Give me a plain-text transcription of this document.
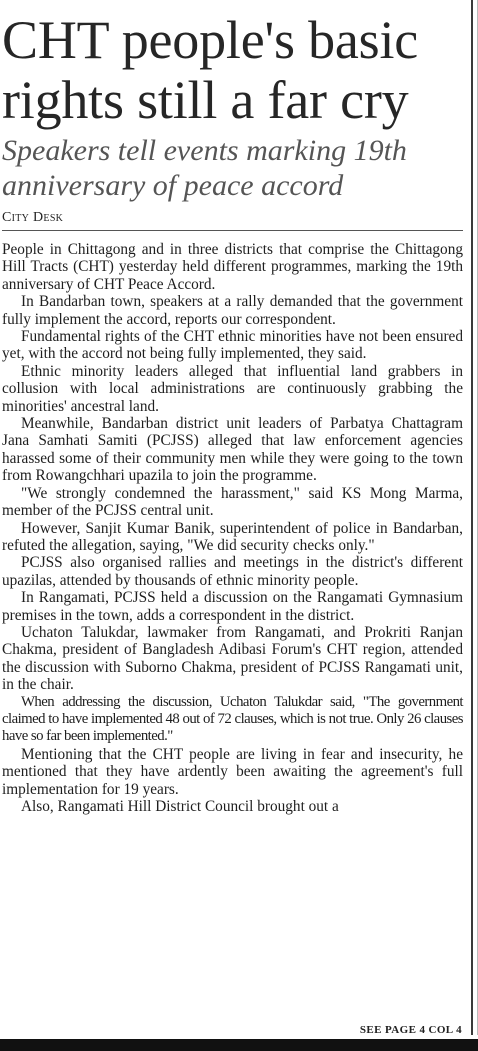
CHT people's basic rights still a far cry
Speakers tell events marking 19th anniversary of peace accord
City Desk

People in Chittagong and in three districts that comprise the Chittagong Hill Tracts (CHT) yesterday held different programmes, marking the 19th anniversary of CHT Peace Accord.

In Bandarban town, speakers at a rally demanded that the government fully implement the accord, reports our correspondent.

Fundamental rights of the CHT ethnic minorities have not been ensured yet, with the accord not being fully implemented, they said.

Ethnic minority leaders alleged that influential land grabbers in collusion with local administrations are continuously grabbing the minorities' ancestral land.

Meanwhile, Bandarban district unit leaders of Parbatya Chattagram Jana Samhati Samiti (PCJSS) alleged that law enforcement agencies harassed some of their community men while they were going to the town from Rowangchhari upazila to join the programme.

"We strongly condemned the harassment," said KS Mong Marma, member of the PCJSS central unit.

However, Sanjit Kumar Banik, superintendent of police in Bandarban, refuted the allegation, saying, "We did security checks only."

PCJSS also organised rallies and meetings in the district's different upazilas, attended by thousands of ethnic minority people.

In Rangamati, PCJSS held a discussion on the Rangamati Gymnasium premises in the town, adds a correspondent in the district.

Uchaton Talukdar, lawmaker from Rangamati, and Prokriti Ranjan Chakma, president of Bangladesh Adibasi Forum's CHT region, attended the discussion with Suborno Chakma, president of PCJSS Rangamati unit, in the chair.

When addressing the discussion, Uchaton Talukdar said, "The government claimed to have implemented 48 out of 72 clauses, which is not true. Only 26 clauses have so far been implemented."

Mentioning that the CHT people are living in fear and insecurity, he mentioned that they have ardently been awaiting the agreement's full implementation for 19 years.

Also, Rangamati Hill District Council brought out a

SEE PAGE 4 COL 4
